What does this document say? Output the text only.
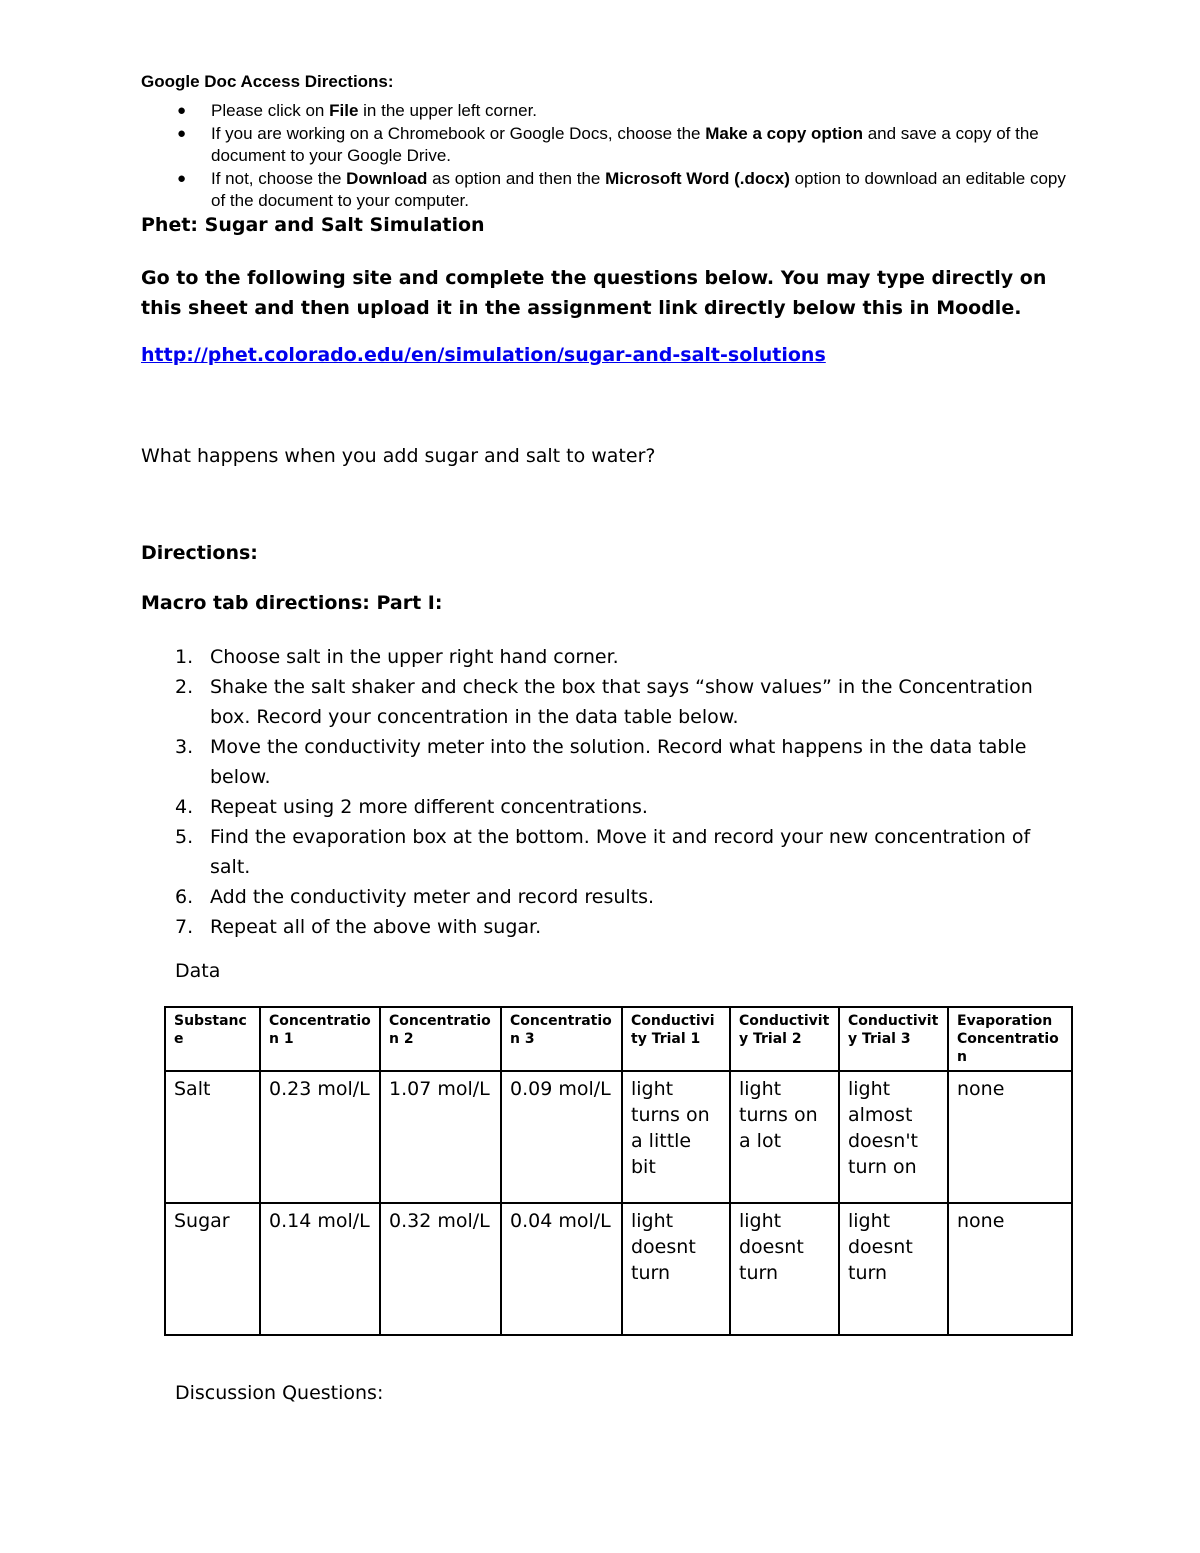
Google Doc Access Directions:
● Please click on File in the upper left corner.
● If you are working on a Chromebook or Google Docs, choose the Make a copy option and save a copy of the document to your Google Drive.
● If not, choose the Download as option and then the Microsoft Word (.docx) option to download an editable copy of the document to your computer.
Phet: Sugar and Salt Simulation

Go to the following site and complete the questions below. You may type directly on this sheet and then upload it in the assignment link directly below this in Moodle.

http://phet.colorado.edu/en/simulation/sugar-and-salt-solutions
What happens when you add sugar and salt to water?
Directions:
Macro tab directions: Part I:
1. Choose salt in the upper right hand corner.
2. Shake the salt shaker and check the box that says “show values” in the Concentration box. Record your concentration in the data table below.
3. Move the conductivity meter into the solution. Record what happens in the data table below.
4. Repeat using 2 more different concentrations.
5. Find the evaporation box at the bottom. Move it and record your new concentration of salt.
6. Add the conductivity meter and record results.
7. Repeat all of the above with sugar.
Data
Substance	Concentration 1	Concentration 2	Concentration 3	Conductivity Trial 1	Conductivity Trial 2	Conductivity Trial 3	Evaporation Concentration
Salt	0.23 mol/L	1.07 mol/L	0.09 mol/L	light turns on a little bit	light turns on a lot	light almost doesn't turn on	none
Sugar	0.14 mol/L	0.32 mol/L	0.04 mol/L	light doesnt turn	light doesnt turn	light doesnt turn	none
Discussion Questions:
